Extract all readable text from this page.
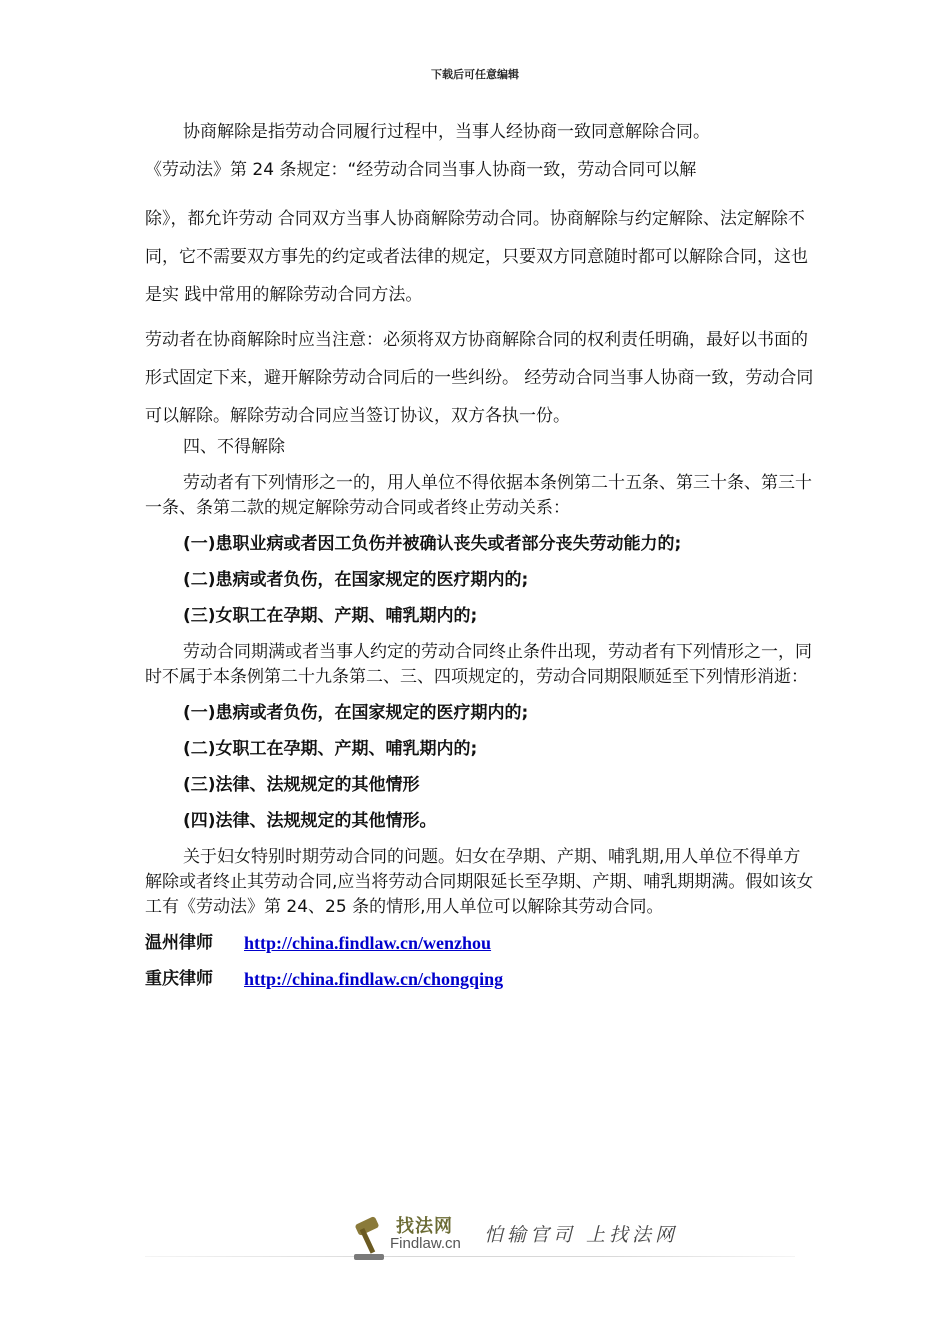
下载后可任意编辑

协商解除是指劳动合同履行过程中，当事人经协商一致同意解除合同。

《劳动法》第 24 条规定：“经劳动合同当事人协商一致，劳动合同可以解

除》，都允许劳动 合同双方当事人协商解除劳动合同。协商解除与约定解除、法定解除不同，它不需要双方事先的约定或者法律的规定，只要双方同意随时都可以解除合同，这也是实 践中常用的解除劳动合同方法。

劳动者在协商解除时应当注意：必须将双方协商解除合同的权利责任明确，最好以书面的形式固定下来，避开解除劳动合同后的一些纠纷。 经劳动合同当事人协商一致，劳动合同可以解除。解除劳动合同应当签订协议，双方各执一份。

四、不得解除

劳动者有下列情形之一的，用人单位不得依据本条例第二十五条、第三十条、第三十一条、条第二款的规定解除劳动合同或者终止劳动关系：

(一)患职业病或者因工负伤并被确认丧失或者部分丧失劳动能力的;

(二)患病或者负伤，在国家规定的医疗期内的;

(三)女职工在孕期、产期、哺乳期内的;

劳动合同期满或者当事人约定的劳动合同终止条件出现，劳动者有下列情形之一，同时不属于本条例第二十九条第二、三、四项规定的，劳动合同期限顺延至下列情形消逝：

(一)患病或者负伤，在国家规定的医疗期内的;

(二)女职工在孕期、产期、哺乳期内的;

(三)法律、法规规定的其他情形

(四)法律、法规规定的其他情形。

关于妇女特别时期劳动合同的问题。妇女在孕期、产期、哺乳期,用人单位不得单方解除或者终止其劳动合同,应当将劳动合同期限延长至孕期、产期、哺乳期期满。假如该女工有《劳动法》第 24、25 条的情形,用人单位可以解除其劳动合同。

温州律师	http://china.findlaw.cn/wenzhou
重庆律师	http://china.findlaw.cn/chongqing
找法网
Findlaw.cn 怕输官司 上找法网
